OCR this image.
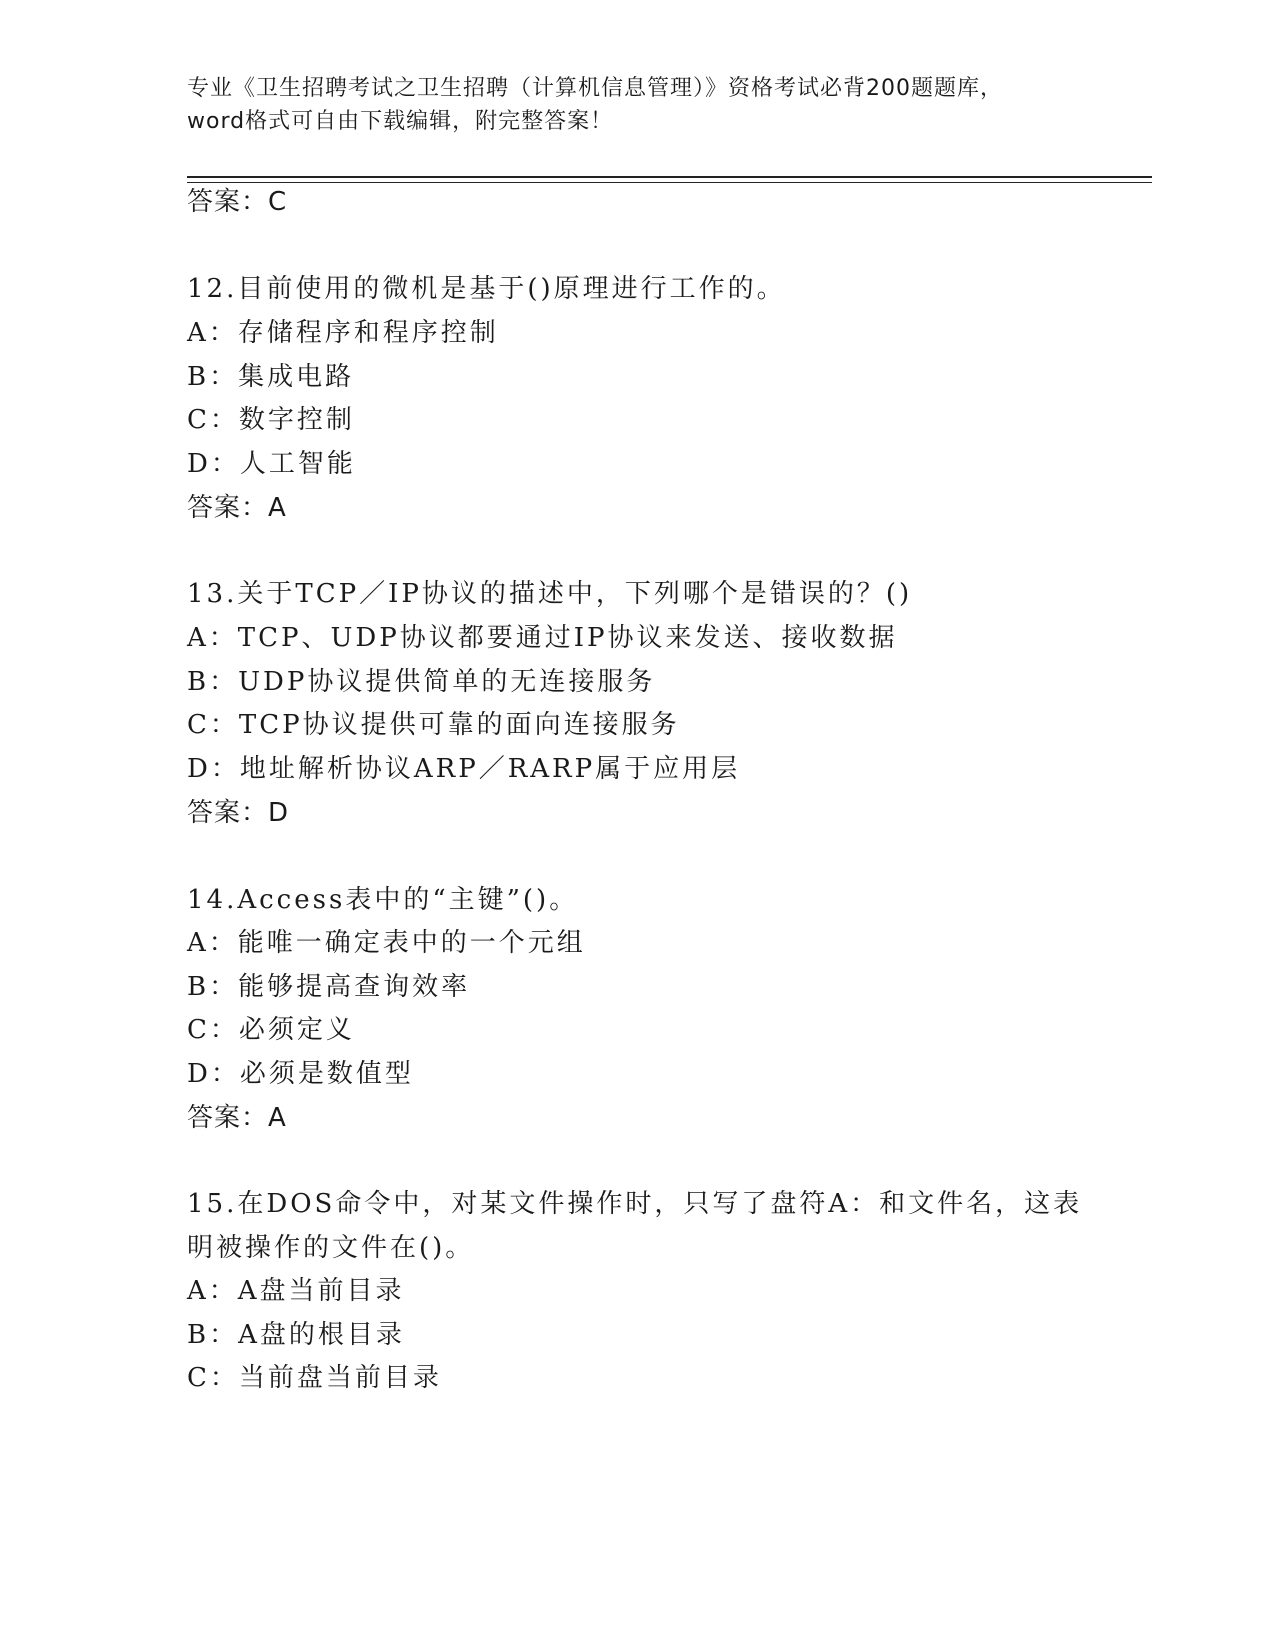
专业《卫生招聘考试之卫生招聘（计算机信息管理）》资格考试必背200题题库，
word格式可自由下载编辑，附完整答案！
答案：C
12.目前使用的微机是基于()原理进行工作的。
A：存储程序和程序控制
B：集成电路
C：数字控制
D：人工智能
答案：A
13.关于TCP／IP协议的描述中，下列哪个是错误的？()
A：TCP、UDP协议都要通过IP协议来发送、接收数据
B：UDP协议提供简单的无连接服务
C：TCP协议提供可靠的面向连接服务
D：地址解析协议ARP／RARP属于应用层
答案：D
14.Access表中的“主键”()。
A：能唯一确定表中的一个元组
B：能够提高查询效率
C：必须定义
D：必须是数值型
答案：A
15.在DOS命令中，对某文件操作时，只写了盘符A：和文件名，这表
明被操作的文件在()。
A：A盘当前目录
B：A盘的根目录
C：当前盘当前目录
